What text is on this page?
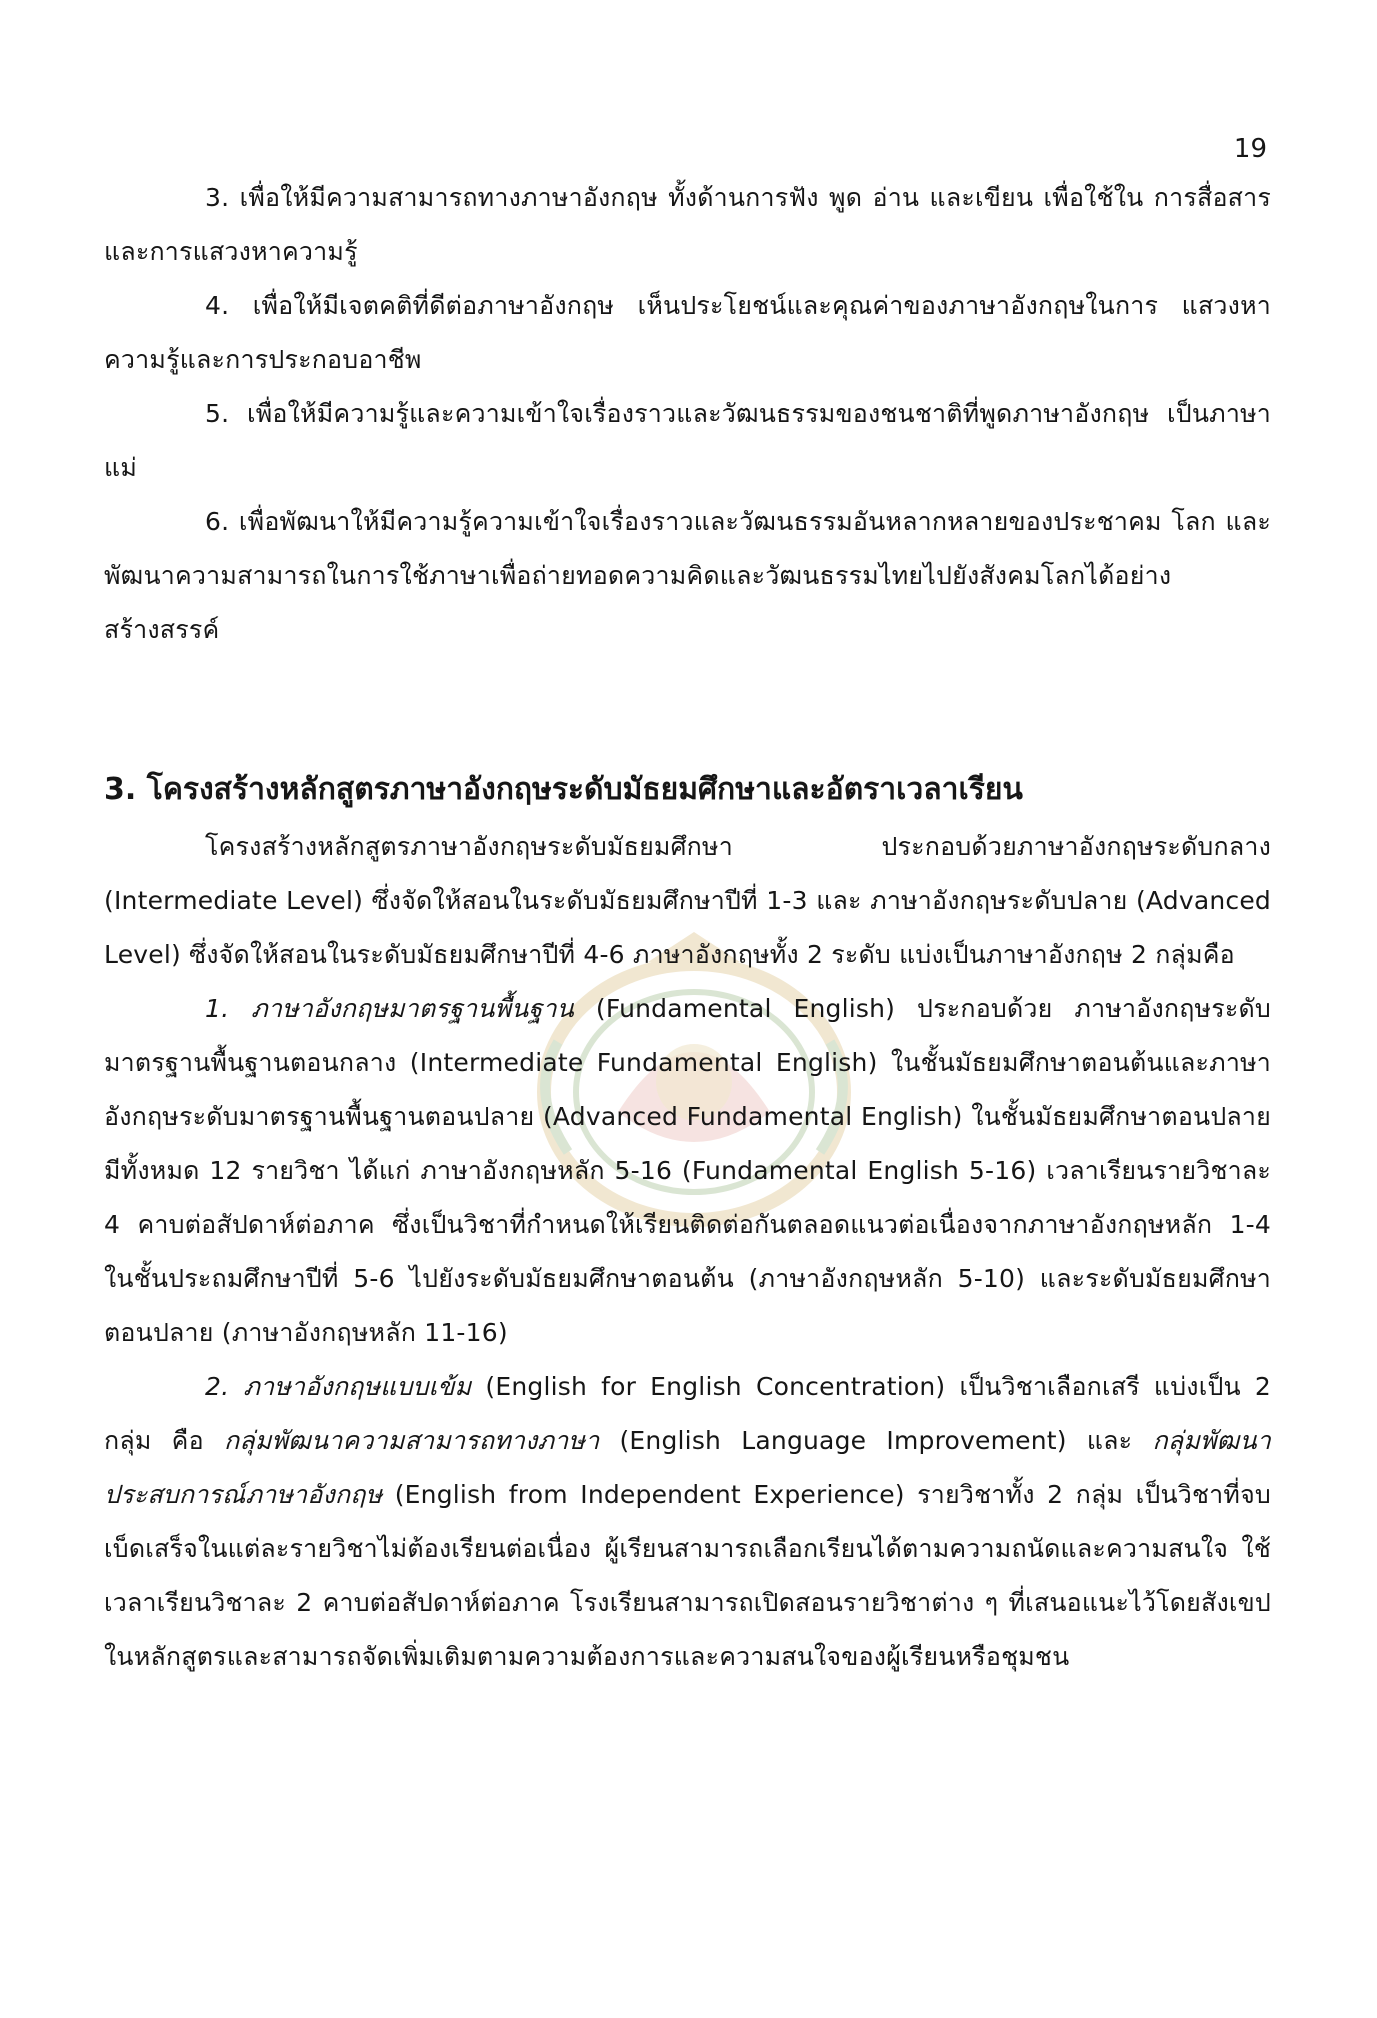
19

3. เพื่อให้มีความสามารถทางภาษาอังกฤษ ทั้งด้านการฟัง พูด อ่าน และเขียน เพื่อใช้ใน การสื่อสารและการแสวงหาความรู้

4. เพื่อให้มีเจตคติที่ดีต่อภาษาอังกฤษ เห็นประโยชน์และคุณค่าของภาษาอังกฤษในการ แสวงหาความรู้และการประกอบอาชีพ

5. เพื่อให้มีความรู้และความเข้าใจเรื่องราวและวัฒนธรรมของชนชาติที่พูดภาษาอังกฤษ เป็นภาษาแม่

6. เพื่อพัฒนาให้มีความรู้ความเข้าใจเรื่องราวและวัฒนธรรมอันหลากหลายของประชาคม โลก และพัฒนาความสามารถในการใช้ภาษาเพื่อถ่ายทอดความคิดและวัฒนธรรมไทยไปยังสังคมโลกได้อย่างสร้างสรรค์

3. โครงสร้างหลักสูตรภาษาอังกฤษระดับมัธยมศึกษาและอัตราเวลาเรียน

โครงสร้างหลักสูตรภาษาอังกฤษระดับมัธยมศึกษา ประกอบด้วยภาษาอังกฤษระดับกลาง (Intermediate Level) ซึ่งจัดให้สอนในระดับมัธยมศึกษาปีที่ 1-3 และ ภาษาอังกฤษระดับปลาย (Advanced Level) ซึ่งจัดให้สอนในระดับมัธยมศึกษาปีที่ 4-6 ภาษาอังกฤษทั้ง 2 ระดับ แบ่งเป็นภาษาอังกฤษ 2 กลุ่มคือ

1. ภาษาอังกฤษมาตรฐานพื้นฐาน (Fundamental English) ประกอบด้วย ภาษาอังกฤษระดับมาตรฐานพื้นฐานตอนกลาง (Intermediate Fundamental English) ในชั้นมัธยมศึกษาตอนต้นและภาษาอังกฤษระดับมาตรฐานพื้นฐานตอนปลาย (Advanced Fundamental English) ในชั้นมัธยมศึกษาตอนปลาย มีทั้งหมด 12 รายวิชา ได้แก่ ภาษาอังกฤษหลัก 5-16 (Fundamental English 5-16) เวลาเรียนรายวิชาละ 4 คาบต่อสัปดาห์ต่อภาค ซึ่งเป็นวิชาที่กำหนดให้เรียนติดต่อกันตลอดแนวต่อเนื่องจากภาษาอังกฤษหลัก 1-4 ในชั้นประถมศึกษาปีที่ 5-6 ไปยังระดับมัธยมศึกษาตอนต้น (ภาษาอังกฤษหลัก 5-10) และระดับมัธยมศึกษาตอนปลาย (ภาษาอังกฤษหลัก 11-16)

2. ภาษาอังกฤษแบบเข้ม (English for English Concentration) เป็นวิชาเลือกเสรี แบ่งเป็น 2 กลุ่ม คือ กลุ่มพัฒนาความสามารถทางภาษา (English Language Improvement) และ กลุ่มพัฒนาประสบการณ์ภาษาอังกฤษ (English from Independent Experience) รายวิชาทั้ง 2 กลุ่ม เป็นวิชาที่จบเบ็ดเสร็จในแต่ละรายวิชาไม่ต้องเรียนต่อเนื่อง ผู้เรียนสามารถเลือกเรียนได้ตามความถนัดและความสนใจ ใช้เวลาเรียนวิชาละ 2 คาบต่อสัปดาห์ต่อภาค โรงเรียนสามารถเปิดสอนรายวิชาต่าง ๆ ที่เสนอแนะไว้โดยสังเขปในหลักสูตรและสามารถจัดเพิ่มเติมตามความต้องการและความสนใจของผู้เรียนหรือชุมชน
